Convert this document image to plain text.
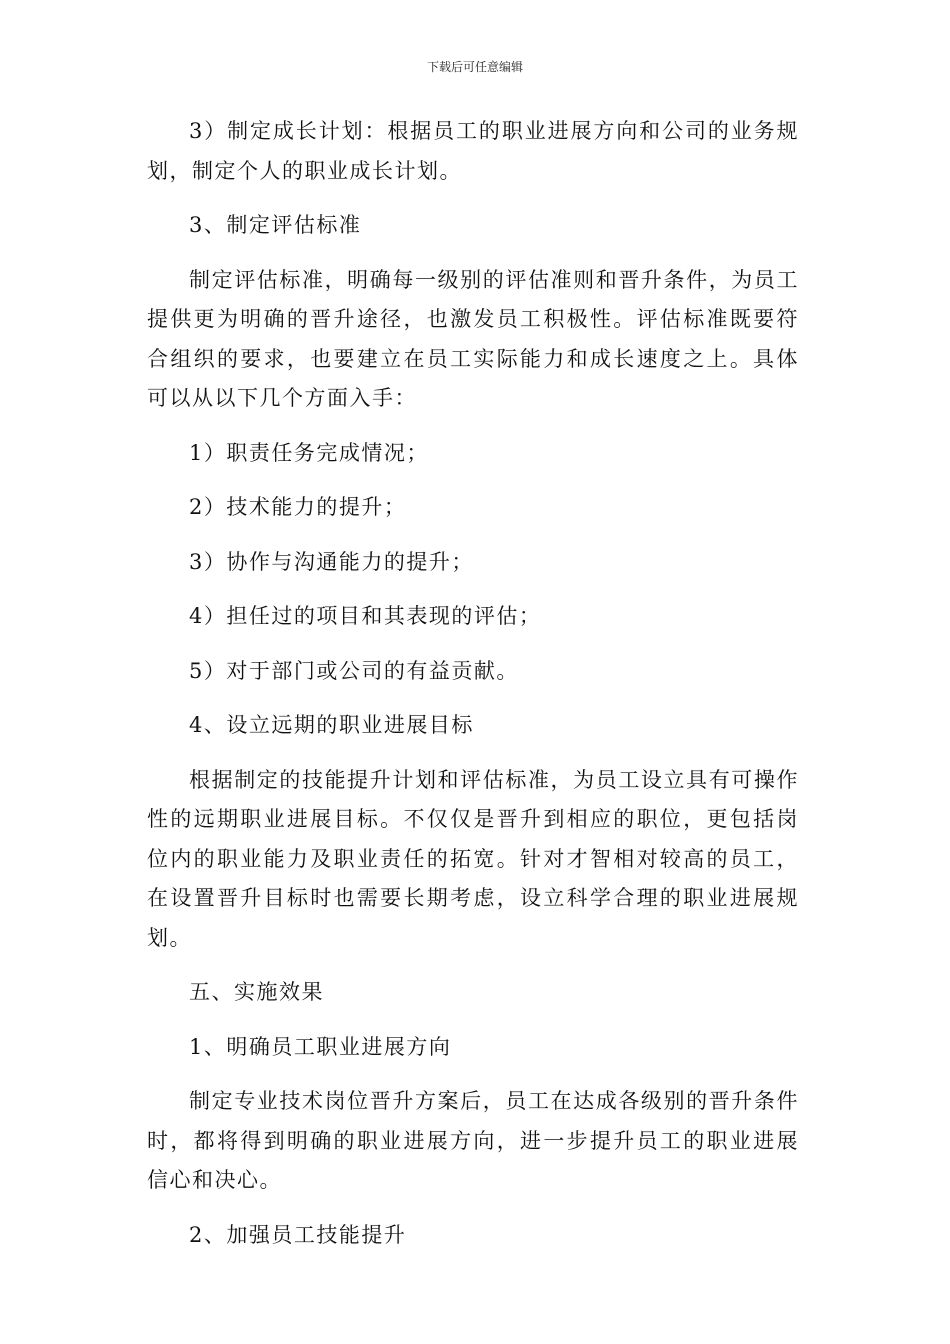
下载后可任意编辑

3）制定成长计划：根据员工的职业进展方向和公司的业务规划，制定个人的职业成长计划。

3、制定评估标准

制定评估标准，明确每一级别的评估准则和晋升条件，为员工提供更为明确的晋升途径，也激发员工积极性。评估标准既要符合组织的要求，也要建立在员工实际能力和成长速度之上。具体可以从以下几个方面入手：

1）职责任务完成情况；

2）技术能力的提升；

3）协作与沟通能力的提升；

4）担任过的项目和其表现的评估；

5）对于部门或公司的有益贡献。

4、设立远期的职业进展目标

根据制定的技能提升计划和评估标准，为员工设立具有可操作性的远期职业进展目标。不仅仅是晋升到相应的职位，更包括岗位内的职业能力及职业责任的拓宽。针对才智相对较高的员工，在设置晋升目标时也需要长期考虑，设立科学合理的职业进展规划。

五、实施效果

1、明确员工职业进展方向

制定专业技术岗位晋升方案后，员工在达成各级别的晋升条件时，都将得到明确的职业进展方向，进一步提升员工的职业进展信心和决心。

2、加强员工技能提升
